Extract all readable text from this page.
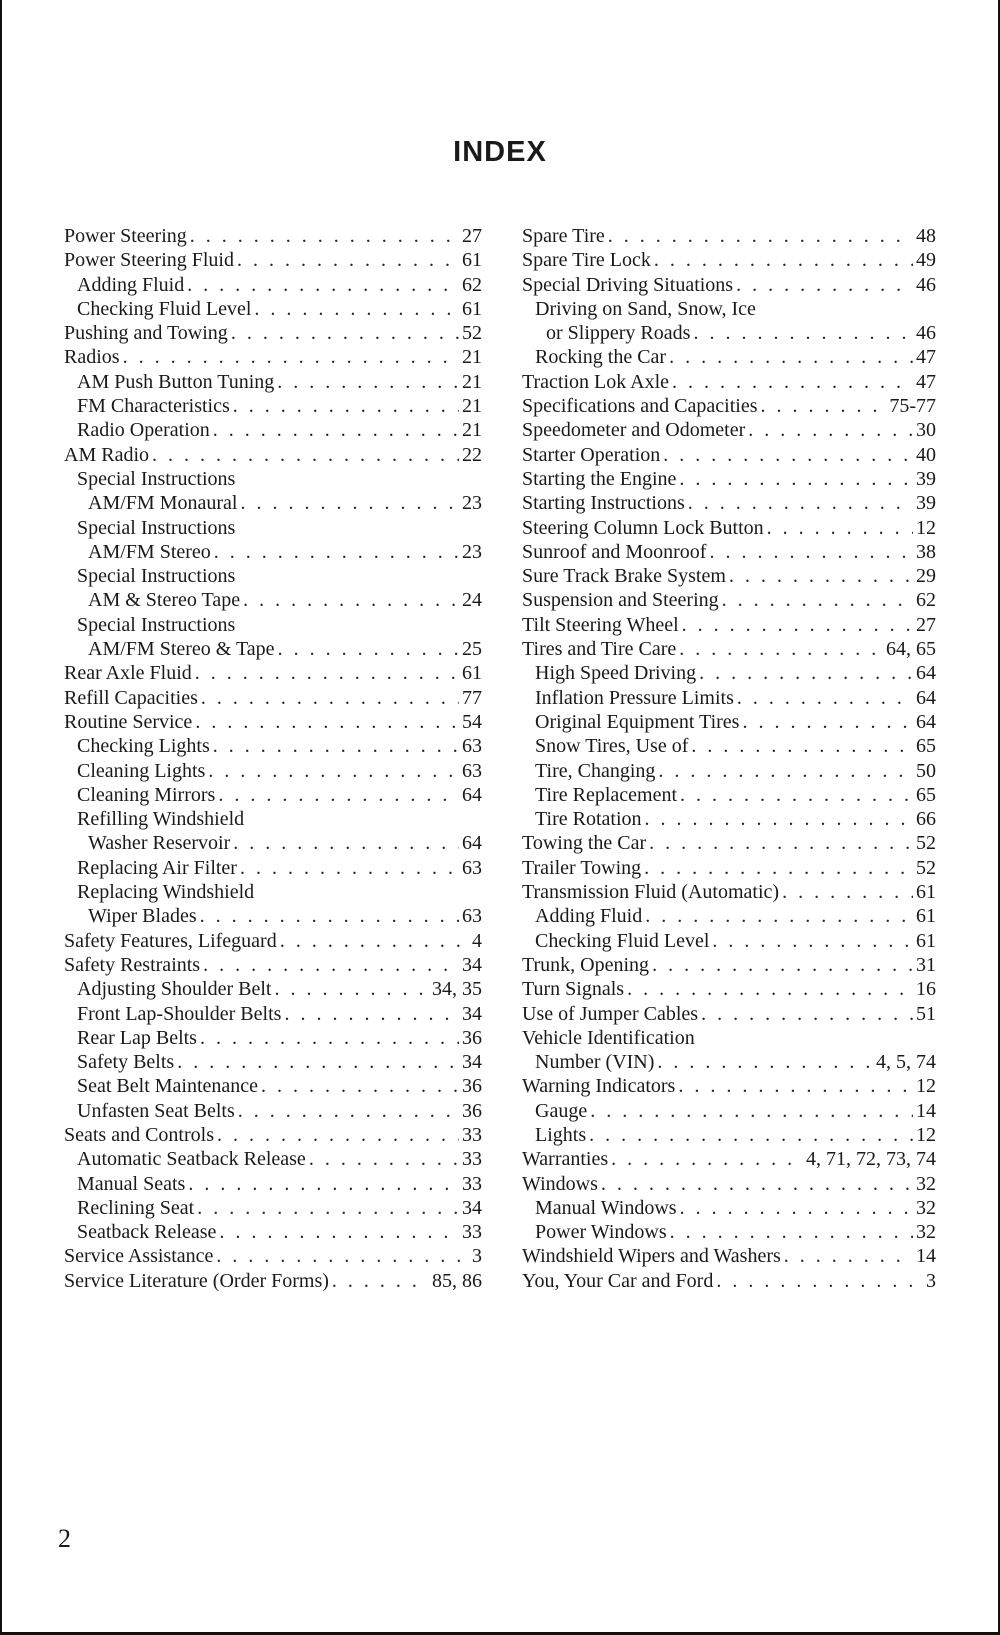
INDEX
Power Steering . . .	27
Power Steering Fluid . . .	61
Adding Fluid . . .	62
Checking Fluid Level . . .	61
Pushing and Towing . . .	52
Radios . . .	21
AM Push Button Tuning . . .	21
FM Characteristics . . .	21
Radio Operation . . .	21
AM Radio . . .	22
Special Instructions
AM/FM Monaural . . .	23
Special Instructions
AM/FM Stereo . . .	23
Special Instructions
AM & Stereo Tape . . .	24
Special Instructions
AM/FM Stereo & Tape . . .	25
Rear Axle Fluid . . .	61
Refill Capacities . . .	77
Routine Service . . .	54
Checking Lights . . .	63
Cleaning Lights . . .	63
Cleaning Mirrors . . .	64
Refilling Windshield
Washer Reservoir . . .	64
Replacing Air Filter . . .	63
Replacing Windshield
Wiper Blades . . .	63
Safety Features, Lifeguard . . .	4
Safety Restraints . . .	34
Adjusting Shoulder Belt . . .	34, 35
Front Lap-Shoulder Belts . . .	34
Rear Lap Belts . . .	36
Safety Belts . . .	34
Seat Belt Maintenance . . .	36
Unfasten Seat Belts . . .	36
Seats and Controls . . .	33
Automatic Seatback Release . . .	33
Manual Seats . . .	33
Reclining Seat . . .	34
Seatback Release . . .	33
Service Assistance . . .	3
Service Literature (Order Forms) . . .	85, 86
Spare Tire . . .	48
Spare Tire Lock . . .	49
Special Driving Situations . . .	46
Driving on Sand, Snow, Ice
or Slippery Roads . . .	46
Rocking the Car . . .	47
Traction Lok Axle . . .	47
Specifications and Capacities . . .	75-77
Speedometer and Odometer . . .	30
Starter Operation . . .	40
Starting the Engine . . .	39
Starting Instructions . . .	39
Steering Column Lock Button . . .	12
Sunroof and Moonroof . . .	38
Sure Track Brake System . . .	29
Suspension and Steering . . .	62
Tilt Steering Wheel . . .	27
Tires and Tire Care . . .	64, 65
High Speed Driving . . .	64
Inflation Pressure Limits . . .	64
Original Equipment Tires . . .	64
Snow Tires, Use of . . .	65
Tire, Changing . . .	50
Tire Replacement . . .	65
Tire Rotation . . .	66
Towing the Car . . .	52
Trailer Towing . . .	52
Transmission Fluid (Automatic) . . .	61
Adding Fluid . . .	61
Checking Fluid Level . . .	61
Trunk, Opening . . .	31
Turn Signals . . .	16
Use of Jumper Cables . . .	51
Vehicle Identification
Number (VIN) . . .	4, 5, 74
Warning Indicators . . .	12
Gauge . . .	14
Lights . . .	12
Warranties . . .	4, 71, 72, 73, 74
Windows . . .	32
Manual Windows . . .	32
Power Windows . . .	32
Windshield Wipers and Washers . . .	14
You, Your Car and Ford . . .	3
2
